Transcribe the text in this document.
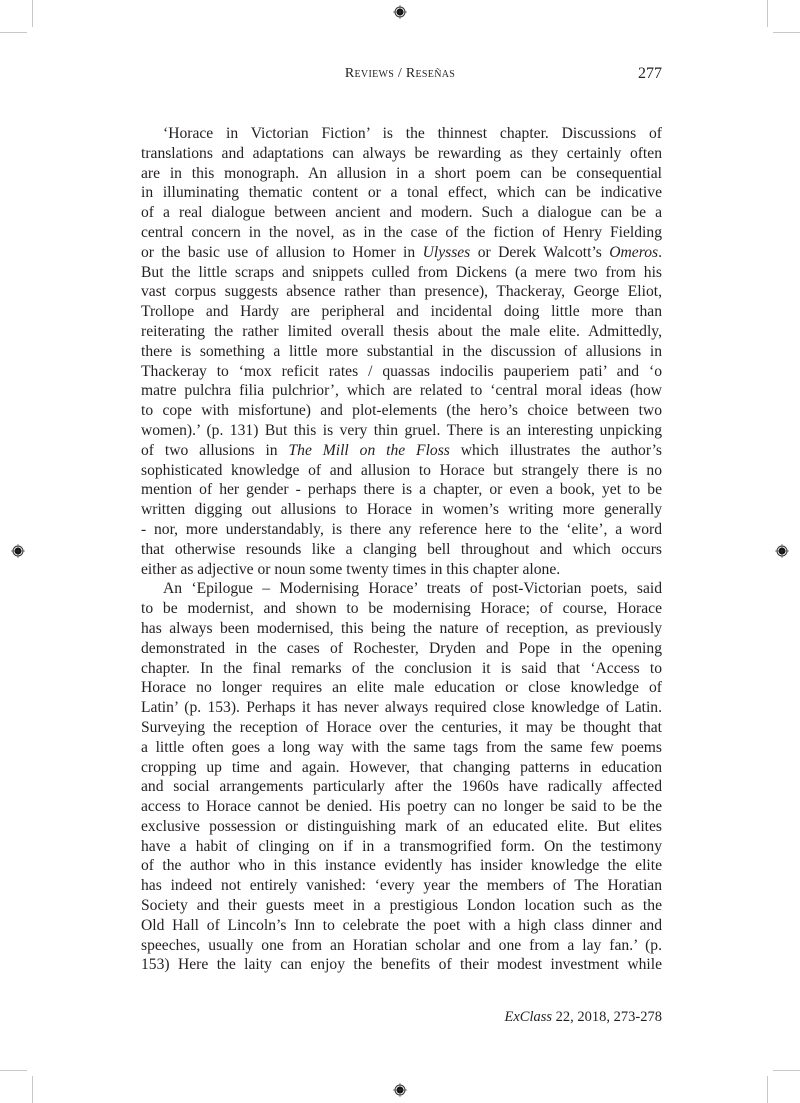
Reviews / Reseñas	277
‘Horace in Victorian Fiction’ is the thinnest chapter. Discussions of
translations and adaptations can always be rewarding as they certainly often
are in this monograph. An allusion in a short poem can be consequential
in illuminating thematic content or a tonal effect, which can be indicative
of a real dialogue between ancient and modern. Such a dialogue can be a
central concern in the novel, as in the case of the fiction of Henry Fielding
or the basic use of allusion to Homer in Ulysses or Derek Walcott’s Omeros.
But the little scraps and snippets culled from Dickens (a mere two from his
vast corpus suggests absence rather than presence), Thackeray, George Eliot,
Trollope and Hardy are peripheral and incidental doing little more than
reiterating the rather limited overall thesis about the male elite. Admittedly,
there is something a little more substantial in the discussion of allusions in
Thackeray to ‘mox reficit rates / quassas indocilis pauperiem pati’ and ‘o
matre pulchra filia pulchrior’, which are related to ‘central moral ideas (how
to cope with misfortune) and plot-elements (the hero’s choice between two
women).’ (p. 131) But this is very thin gruel. There is an interesting unpicking
of two allusions in The Mill on the Floss which illustrates the author’s
sophisticated knowledge of and allusion to Horace but strangely there is no
mention of her gender - perhaps there is a chapter, or even a book, yet to be
written digging out allusions to Horace in women’s writing more generally
- nor, more understandably, is there any reference here to the ‘elite’, a word
that otherwise resounds like a clanging bell throughout and which occurs
either as adjective or noun some twenty times in this chapter alone.
An ‘Epilogue – Modernising Horace’ treats of post-Victorian poets, said
to be modernist, and shown to be modernising Horace; of course, Horace
has always been modernised, this being the nature of reception, as previously
demonstrated in the cases of Rochester, Dryden and Pope in the opening
chapter. In the final remarks of the conclusion it is said that ‘Access to
Horace no longer requires an elite male education or close knowledge of
Latin’ (p. 153). Perhaps it has never always required close knowledge of Latin.
Surveying the reception of Horace over the centuries, it may be thought that
a little often goes a long way with the same tags from the same few poems
cropping up time and again. However, that changing patterns in education
and social arrangements particularly after the 1960s have radically affected
access to Horace cannot be denied. His poetry can no longer be said to be the
exclusive possession or distinguishing mark of an educated elite. But elites
have a habit of clinging on if in a transmogrified form. On the testimony
of the author who in this instance evidently has insider knowledge the elite
has indeed not entirely vanished: ‘every year the members of The Horatian
Society and their guests meet in a prestigious London location such as the
Old Hall of Lincoln’s Inn to celebrate the poet with a high class dinner and
speeches, usually one from an Horatian scholar and one from a lay fan.’ (p.
153) Here the laity can enjoy the benefits of their modest investment while
ExClass 22, 2018, 273-278
